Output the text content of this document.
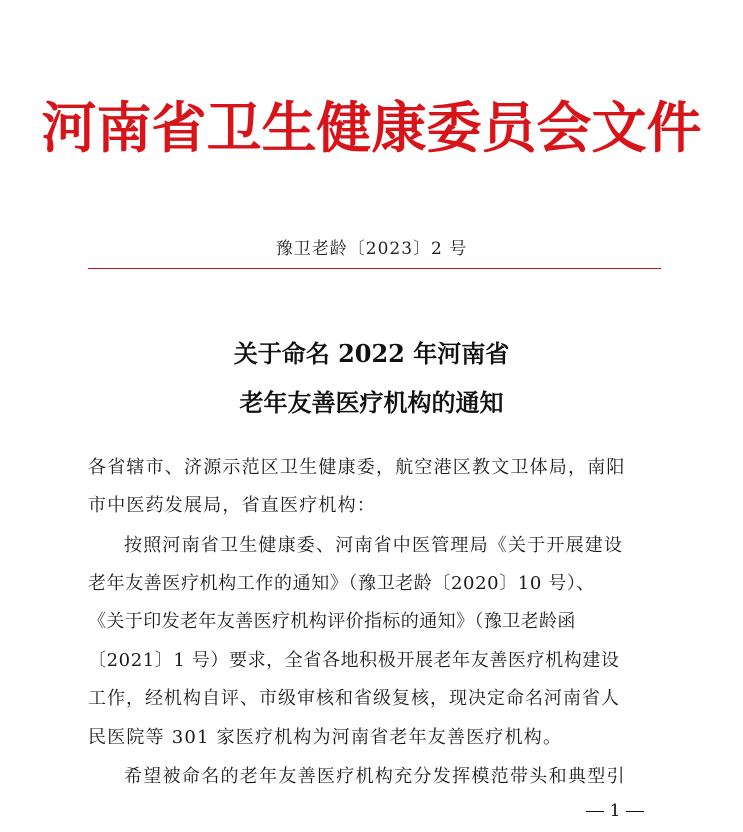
河南省卫生健康委员会文件
豫卫老龄〔2023〕2 号
关于命名 2022 年河南省
老年友善医疗机构的通知
各省辖市、济源示范区卫生健康委，航空港区教文卫体局，南阳
市中医药发展局，省直医疗机构：
按照河南省卫生健康委、河南省中医管理局《关于开展建设
老年友善医疗机构工作的通知》（豫卫老龄〔2020〕10 号）、
《关于印发老年友善医疗机构评价指标的通知》（豫卫老龄函
〔2021〕1 号）要求，全省各地积极开展老年友善医疗机构建设
工作，经机构自评、市级审核和省级复核，现决定命名河南省人
民医院等 301 家医疗机构为河南省老年友善医疗机构。
希望被命名的老年友善医疗机构充分发挥模范带头和典型引
1
